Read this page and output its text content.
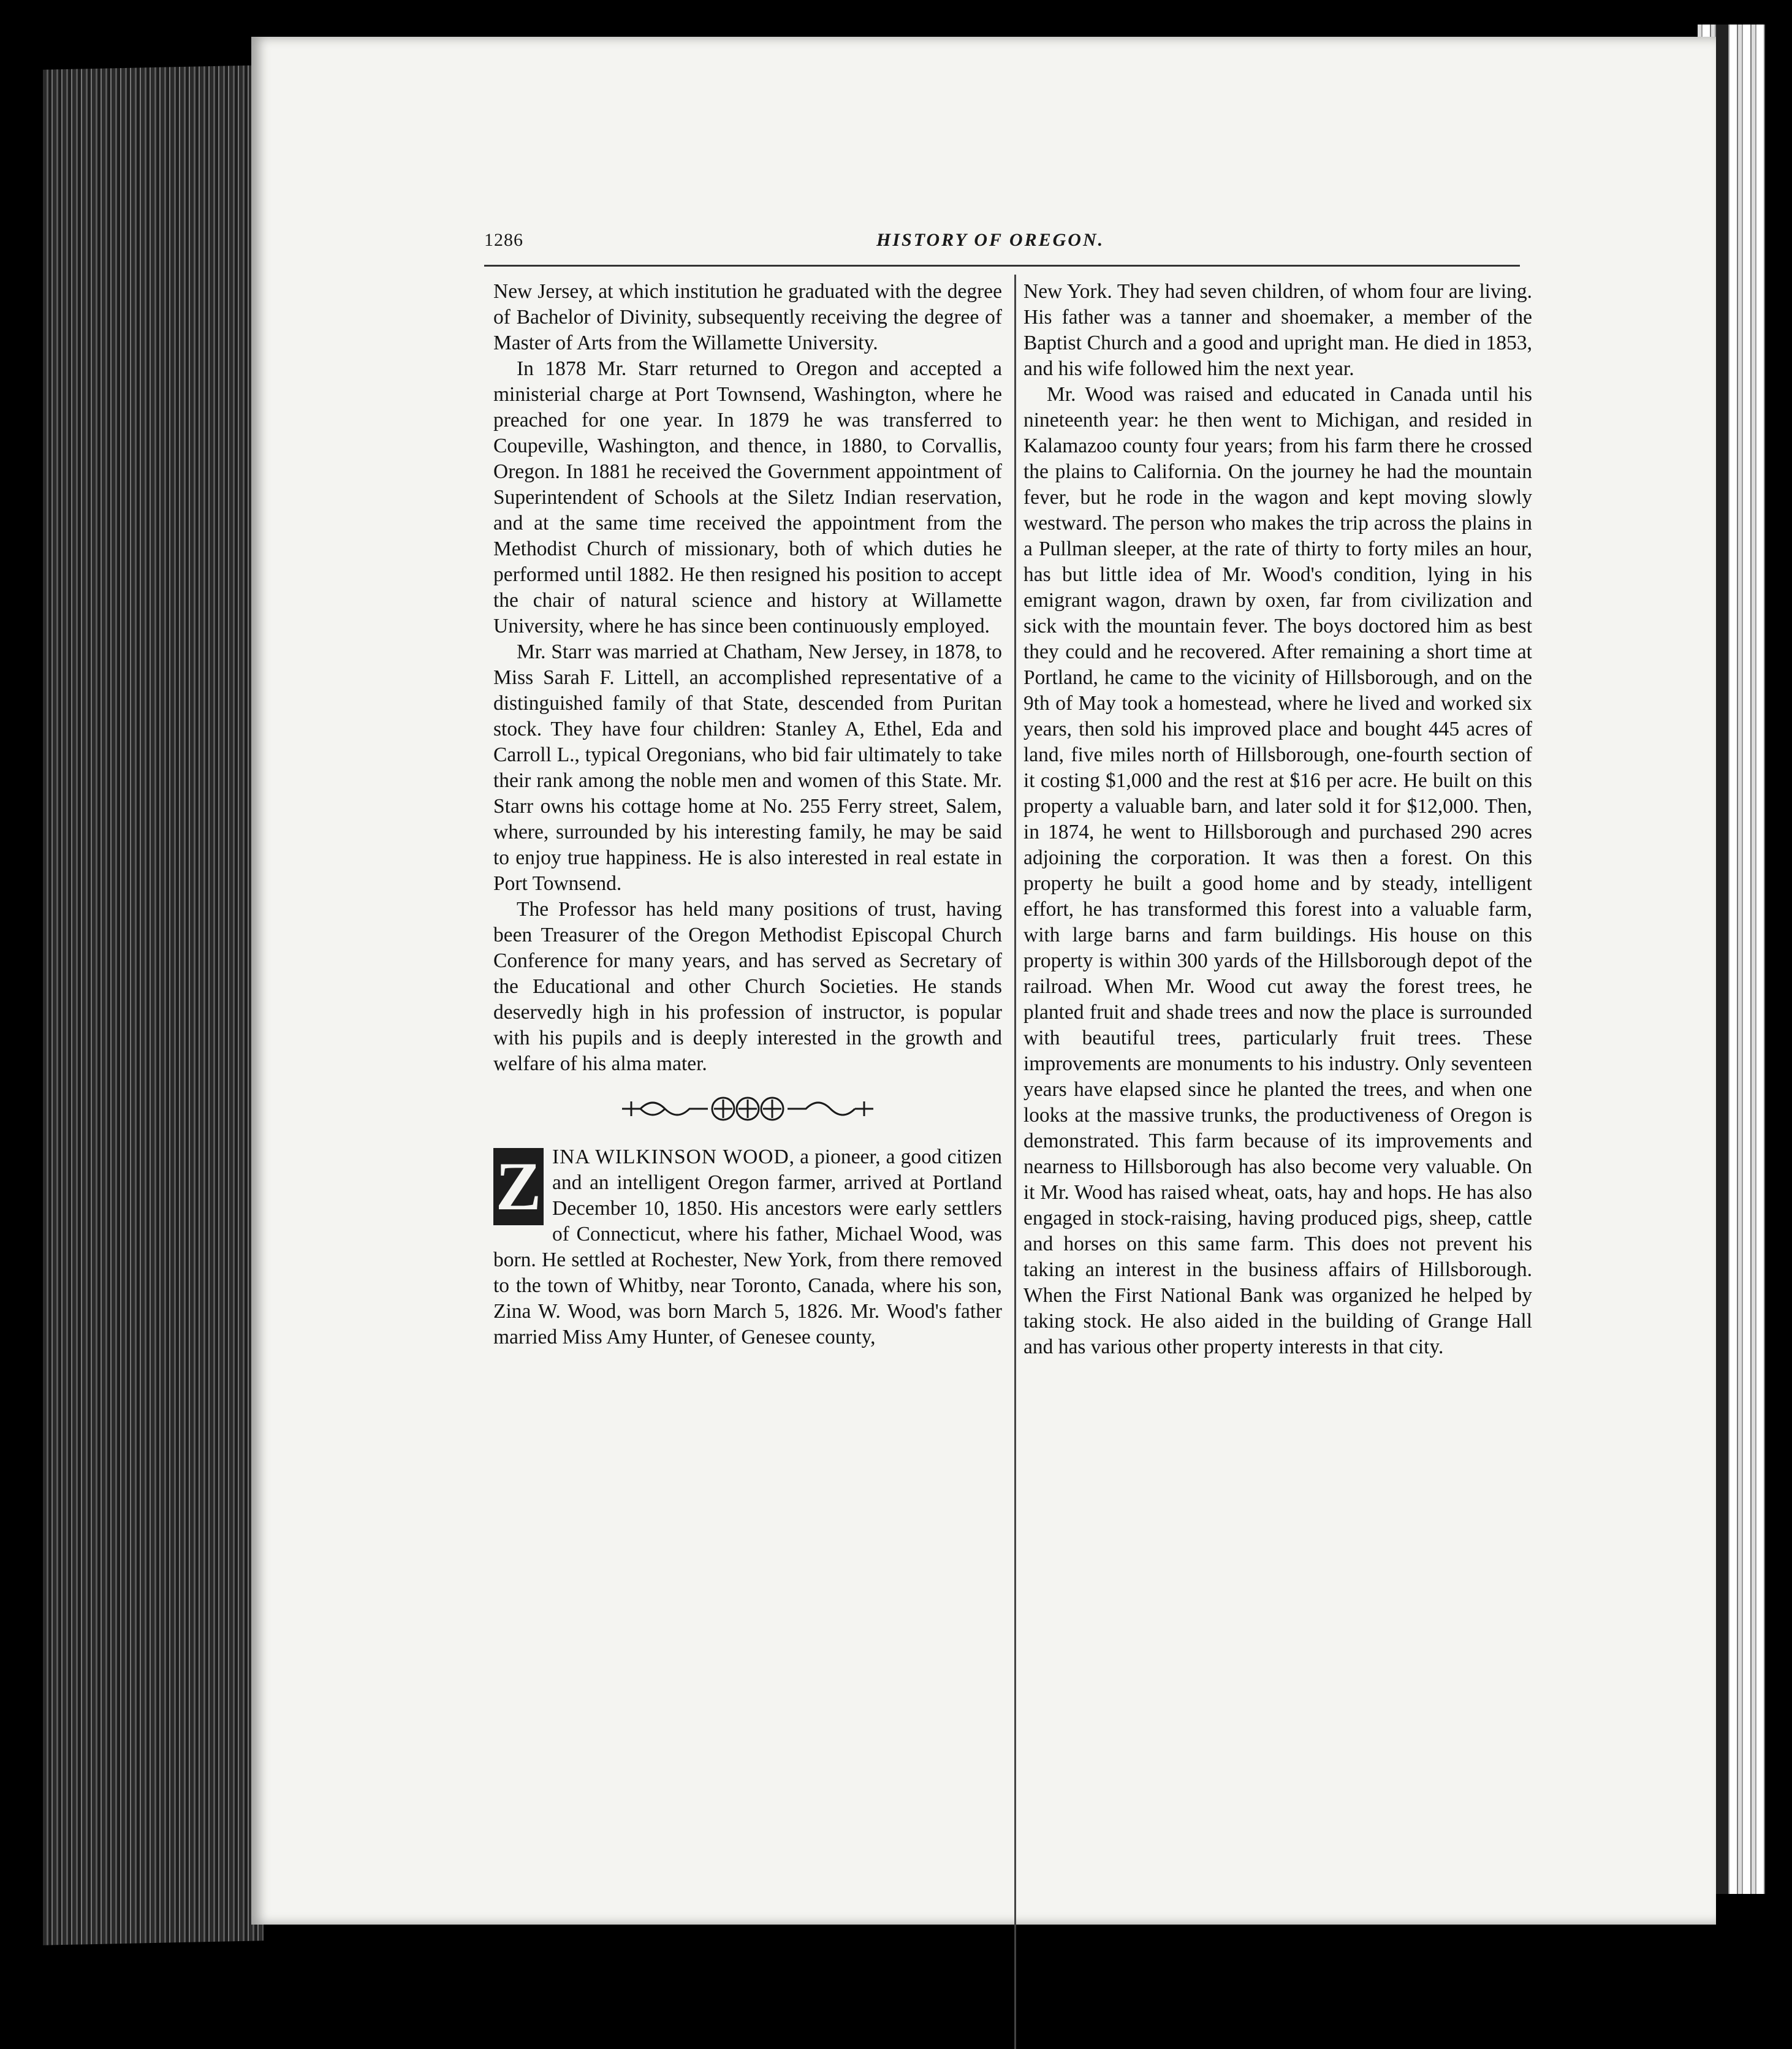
1286	HISTORY OF OREGON.

New Jersey, at which institution he graduated with the degree of Bachelor of Divinity, subsequently receiving the degree of Master of Arts from the Willamette University.

In 1878 Mr. Starr returned to Oregon and accepted a ministerial charge at Port Townsend, Washington, where he preached for one year. In 1879 he was transferred to Coupeville, Washington, and thence, in 1880, to Corvallis, Oregon. In 1881 he received the Government appointment of Superintendent of Schools at the Siletz Indian reservation, and at the same time received the appointment from the Methodist Church of missionary, both of which duties he performed until 1882. He then resigned his position to accept the chair of natural science and history at Willamette University, where he has since been continuously employed.

Mr. Starr was married at Chatham, New Jersey, in 1878, to Miss Sarah F. Littell, an accomplished representative of a distinguished family of that State, descended from Puritan stock. They have four children: Stanley A, Ethel, Eda and Carroll L., typical Oregonians, who bid fair ultimately to take their rank among the noble men and women of this State. Mr. Starr owns his cottage home at No. 255 Ferry street, Salem, where, surrounded by his interesting family, he may be said to enjoy true happiness. He is also interested in real estate in Port Townsend.

The Professor has held many positions of trust, having been Treasurer of the Oregon Methodist Episcopal Church Conference for many years, and has served as Secretary of the Educational and other Church Societies. He stands deservedly high in his profession of instructor, is popular with his pupils and is deeply interested in the growth and welfare of his alma mater.

Z INA WILKINSON WOOD, a pioneer, a good citizen and an intelligent Oregon farmer, arrived at Portland December 10, 1850. His ancestors were early settlers of Connecticut, where his father, Michael Wood, was born. He settled at Rochester, New York, from there removed to the town of Whitby, near Toronto, Canada, where his son, Zina W. Wood, was born March 5, 1826. Mr. Wood's father married Miss Amy Hunter, of Genesee county,

New York. They had seven children, of whom four are living. His father was a tanner and shoemaker, a member of the Baptist Church and a good and upright man. He died in 1853, and his wife followed him the next year.

Mr. Wood was raised and educated in Canada until his nineteenth year: he then went to Michigan, and resided in Kalamazoo county four years; from his farm there he crossed the plains to California. On the journey he had the mountain fever, but he rode in the wagon and kept moving slowly westward. The person who makes the trip across the plains in a Pullman sleeper, at the rate of thirty to forty miles an hour, has but little idea of Mr. Wood's condition, lying in his emigrant wagon, drawn by oxen, far from civilization and sick with the mountain fever. The boys doctored him as best they could and he recovered. After remaining a short time at Portland, he came to the vicinity of Hillsborough, and on the 9th of May took a homestead, where he lived and worked six years, then sold his improved place and bought 445 acres of land, five miles north of Hillsborough, one-fourth section of it costing $1,000 and the rest at $16 per acre. He built on this property a valuable barn, and later sold it for $12,000. Then, in 1874, he went to Hillsborough and purchased 290 acres adjoining the corporation. It was then a forest. On this property he built a good home and by steady, intelligent effort, he has transformed this forest into a valuable farm, with large barns and farm buildings. His house on this property is within 300 yards of the Hillsborough depot of the railroad. When Mr. Wood cut away the forest trees, he planted fruit and shade trees and now the place is surrounded with beautiful trees, particularly fruit trees. These improvements are monuments to his industry. Only seventeen years have elapsed since he planted the trees, and when one looks at the massive trunks, the productiveness of Oregon is demonstrated. This farm because of its improvements and nearness to Hillsborough has also become very valuable. On it Mr. Wood has raised wheat, oats, hay and hops. He has also engaged in stock-raising, having produced pigs, sheep, cattle and horses on this same farm. This does not prevent his taking an interest in the business affairs of Hillsborough. When the First National Bank was organized he helped by taking stock. He also aided in the building of Grange Hall and has various other property interests in that city.
